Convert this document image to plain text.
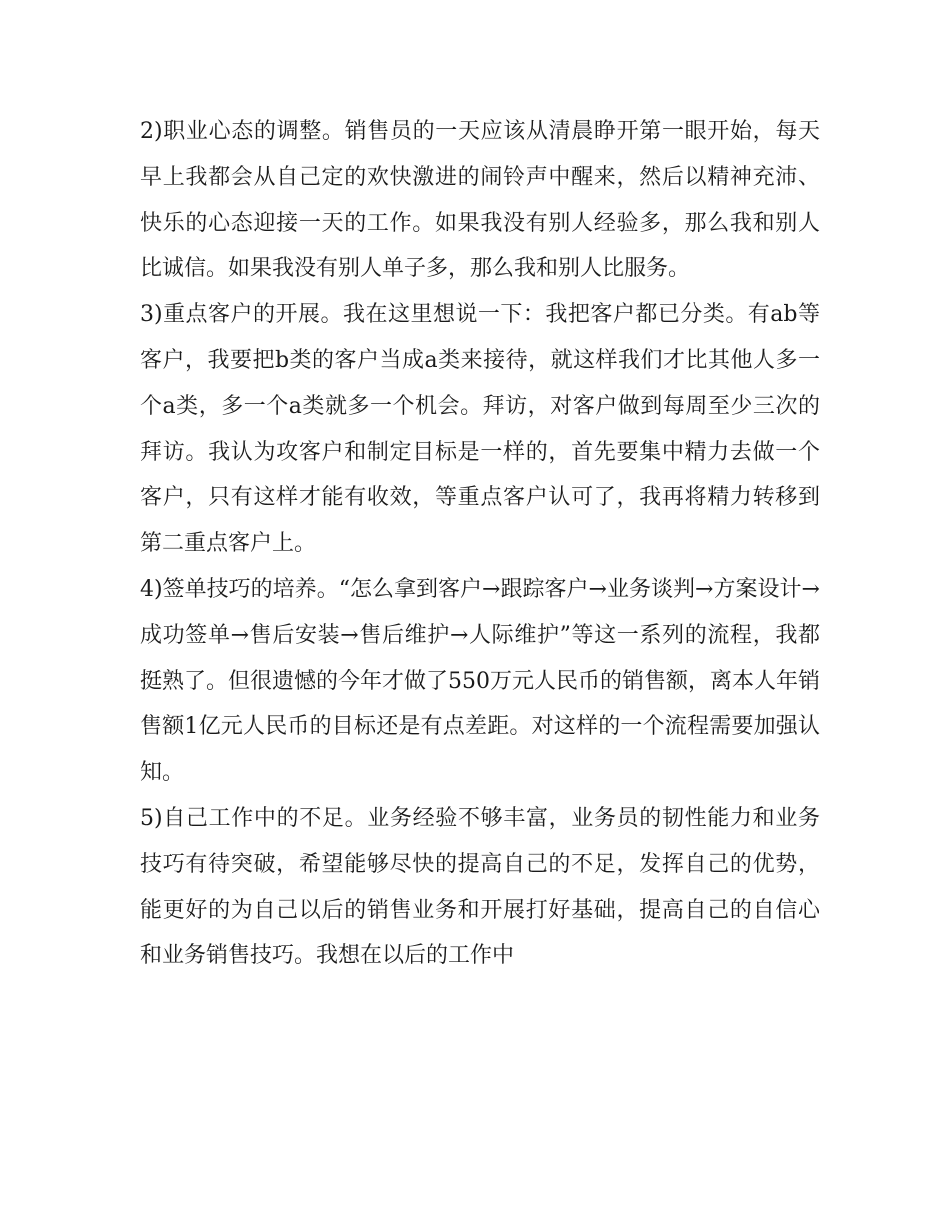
2)职业心态的调整。销售员的一天应该从清晨睁开第一眼开始，每天早上我都会从自己定的欢快激进的闹铃声中醒来，然后以精神充沛、快乐的心态迎接一天的工作。如果我没有别人经验多，那么我和别人比诚信。如果我没有别人单子多，那么我和别人比服务。

3)重点客户的开展。我在这里想说一下：我把客户都已分类。有ab等客户，我要把b类的客户当成a类来接待，就这样我们才比其他人多一个a类，多一个a类就多一个机会。拜访，对客户做到每周至少三次的拜访。我认为攻客户和制定目标是一样的，首先要集中精力去做一个客户，只有这样才能有收效，等重点客户认可了，我再将精力转移到第二重点客户上。

4)签单技巧的培养。“怎么拿到客户→跟踪客户→业务谈判→方案设计→成功签单→售后安装→售后维护→人际维护”等这一系列的流程，我都挺熟了。但很遗憾的今年才做了550万元人民币的销售额，离本人年销售额1亿元人民币的目标还是有点差距。对这样的一个流程需要加强认知。

5)自己工作中的不足。业务经验不够丰富，业务员的韧性能力和业务技巧有待突破，希望能够尽快的提高自己的不足，发挥自己的优势，能更好的为自己以后的销售业务和开展打好基础，提高自己的自信心和业务销售技巧。我想在以后的工作中
